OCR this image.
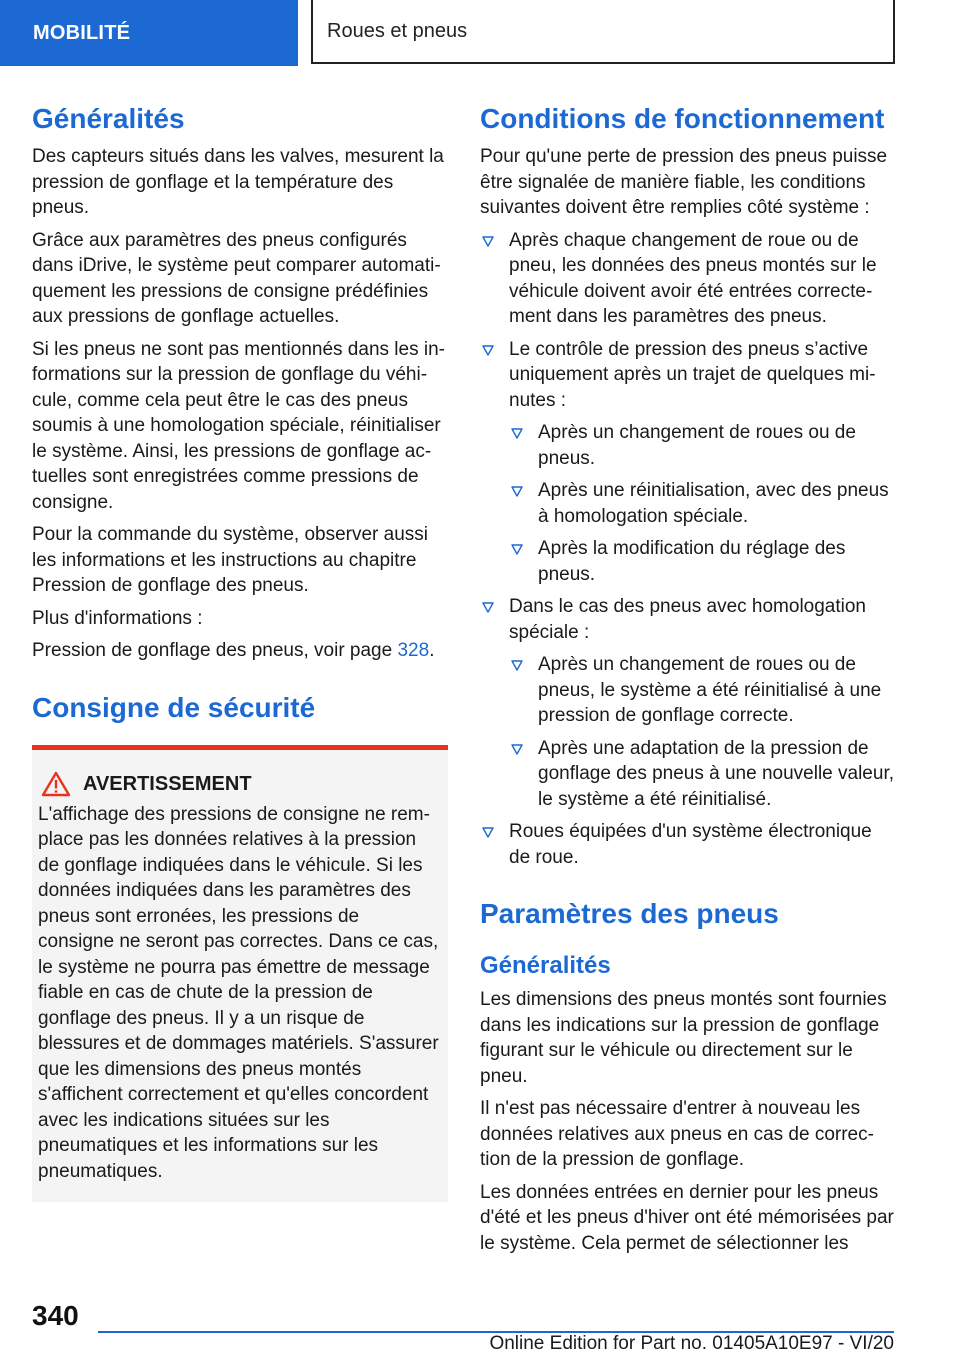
MOBILITÉ	Roues et pneus
Généralités

Des capteurs situés dans les valves, mesurent la pression de gonflage et la température des pneus.

Grâce aux paramètres des pneus configurés dans iDrive, le système peut comparer automatiquement les pressions de consigne prédéfinies aux pressions de gonflage actuelles.

Si les pneus ne sont pas mentionnés dans les informations sur la pression de gonflage du véhicule, comme cela peut être le cas des pneus soumis à une homologation spéciale, réinitialiser le système. Ainsi, les pressions de gonflage actuelles sont enregistrées comme pressions de consigne.

Pour la commande du système, observer aussi les informations et les instructions au chapitre Pression de gonflage des pneus.

Plus d'informations :

Pression de gonflage des pneus, voir page 328.

Consigne de sécurité
AVERTISSEMENT

L'affichage des pressions de consigne ne remplace pas les données relatives à la pression de gonflage indiquées dans le véhicule. Si les données indiquées dans les paramètres des pneus sont erronées, les pressions de consigne ne seront pas correctes. Dans ce cas, le système ne pourra pas émettre de message fiable en cas de chute de la pression de gonflage des pneus. Il y a un risque de blessures et de dommages matériels. S'assurer que les dimensions des pneus montés s'affichent correctement et qu'elles concordent avec les indications situées sur les pneumatiques et les informations sur les pneumatiques.

Conditions de fonctionnement

Pour qu'une perte de pression des pneus puisse être signalée de manière fiable, les conditions suivantes doivent être remplies côté système :

Après chaque changement de roue ou de pneu, les données des pneus montés sur le véhicule doivent avoir été entrées correctement dans les paramètres des pneus.
Le contrôle de pression des pneus s’active uniquement après un trajet de quelques minutes :
Après un changement de roues ou de pneus.
Après une réinitialisation, avec des pneus à homologation spéciale.
Après la modification du réglage des pneus.
Dans le cas des pneus avec homologation spéciale :
Après un changement de roues ou de pneus, le système a été réinitialisé à une pression de gonflage correcte.
Après une adaptation de la pression de gonflage des pneus à une nouvelle valeur, le système a été réinitialisé.
Roues équipées d'un système électronique de roue.
Paramètres des pneus
Généralités

Les dimensions des pneus montés sont fournies dans les indications sur la pression de gonflage figurant sur le véhicule ou directement sur le pneu.

Il n'est pas nécessaire d'entrer à nouveau les données relatives aux pneus en cas de correction de la pression de gonflage.

Les données entrées en dernier pour les pneus d'été et les pneus d'hiver ont été mémorisées par le système. Cela permet de sélectionner les

340
Online Edition for Part no. 01405A10E97 - VI/20
